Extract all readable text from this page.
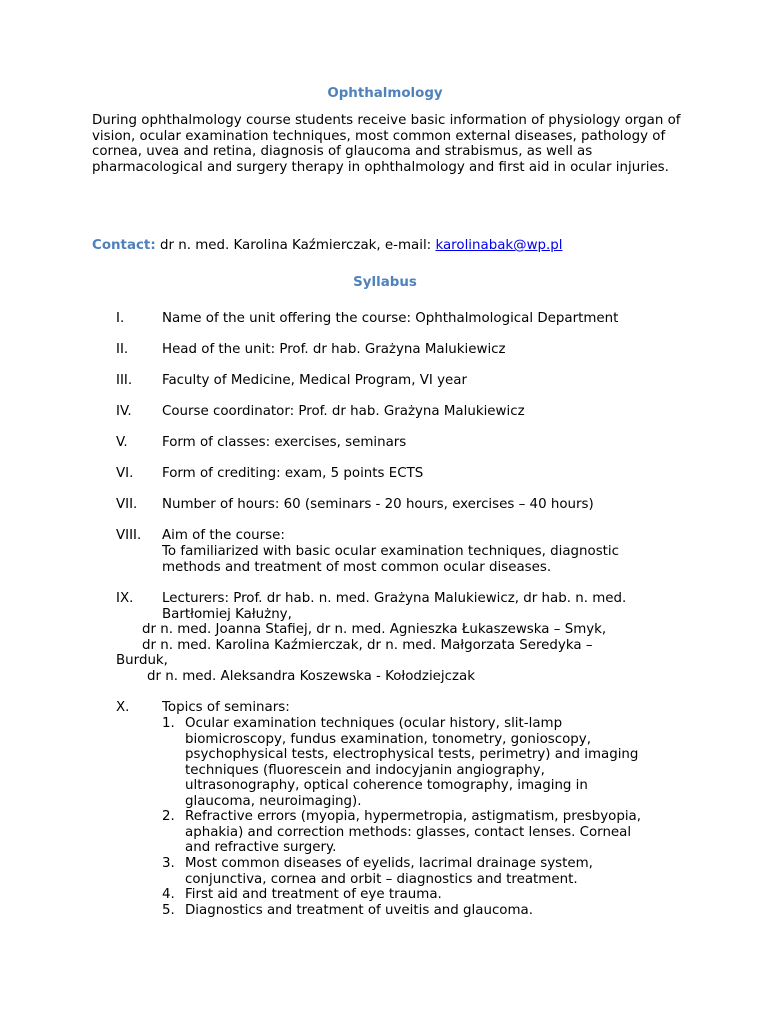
Ophthalmology

During ophthalmology course students receive basic information of physiology organ of vision, ocular examination techniques, most common external diseases, pathology of cornea, uvea and retina, diagnosis of glaucoma and strabismus, as well as pharmacological and surgery therapy in ophthalmology and first aid in ocular injuries.

Contact: dr n. med. Karolina Kaźmierczak, e-mail: karolinabak@wp.pl
Syllabus
I.	Name of the unit offering the course: Ophthalmological Department
II.	Head of the unit: Prof. dr hab. Grażyna Malukiewicz
III. Faculty of Medicine, Medical Program, VI year
IV. Course coordinator: Prof. dr hab. Grażyna Malukiewicz
V.	Form of classes: exercises, seminars
VI. Form of crediting: exam, 5 points ECTS
VII. Number of hours: 60 (seminars - 20 hours, exercises – 40 hours)
VIII. Aim of the course:
To familiarized with basic ocular examination techniques, diagnostic
methods and treatment of most common ocular diseases.
IX. Lecturers: Prof. dr hab. n. med. Grażyna Malukiewicz, dr hab. n. med.
Bartłomiej Kałużny,
dr n. med. Joanna Stafiej, dr n. med. Agnieszka Łukaszewska – Smyk,
dr n. med. Karolina Kaźmierczak, dr n. med. Małgorzata Seredyka –
Burduk,
dr n. med. Aleksandra Koszewska - Kołodziejczak
X. Topics of seminars:
1. Ocular examination techniques (ocular history, slit-lamp
biomicroscopy, fundus examination, tonometry, gonioscopy,
psychophysical tests, electrophysical tests, perimetry) and imaging
techniques (fluorescein and indocyjanin angiography,
ultrasonography, optical coherence tomography, imaging in
glaucoma, neuroimaging).
2. Refractive errors (myopia, hypermetropia, astigmatism, presbyopia,
aphakia) and correction methods: glasses, contact lenses. Corneal
and refractive surgery.
3. Most common diseases of eyelids, lacrimal drainage system,
conjunctiva, cornea and orbit – diagnostics and treatment.
4. First aid and treatment of eye trauma.
5. Diagnostics and treatment of uveitis and glaucoma.
